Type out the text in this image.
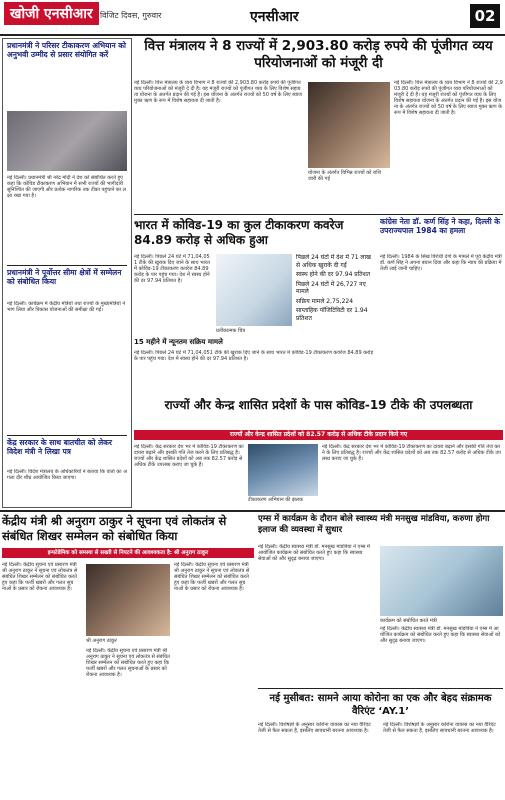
खोजी एनसीआर विजिट दिवस, गुरुवार	एनसीआर	02
प्रधानमंत्री ने परिसर टीकाकरण अभियान को अनुभवी उम्मीद से प्रसार संयोगित करें
नई दिल्ली। प्रधानमंत्री श्री नरेंद्र मोदी ने देश को संबोधित करते हुए कहा कि कोविड टीकाकरण अभियान में सभी राज्यों की भागीदारी सुनिश्चित की जाएगी और प्रत्येक नागरिक तक टीका पहुंचाने का लक्ष्य रखा गया है।
प्रधानमंत्री ने पूर्वोत्तर सीमा क्षेत्रों में सम्मेलन को संबोधित किया
नई दिल्ली। कार्यक्रम में केंद्रीय मंत्रियों तथा राज्यों के मुख्यमंत्रियों ने भाग लिया और विकास योजनाओं की समीक्षा की गई।
केंद्र सरकार के साथ बातचीत को लेकर विदेश मंत्री ने लिखा पत्र
नई दिल्ली। विदेश मंत्रालय के अधिकारियों ने बताया कि वार्ता का अगला दौर शीघ्र आयोजित किया जाएगा।
वित्त मंत्रालय ने 8 राज्यों में 2,903.80 करोड़ रुपये की पूंजीगत व्यय परियोजनाओं को मंजूरी दी
नई दिल्ली। वित्त मंत्रालय के व्यय विभाग ने 8 राज्यों की 2,903.80 करोड़ रुपये की पूंजीगत व्यय परियोजनाओं को मंजूरी दे दी है। यह मंजूरी राज्यों को पूंजीगत व्यय के लिए विशेष सहायता योजना के अंतर्गत प्रदान की गई है। इस योजना के अंतर्गत राज्यों को 50 वर्ष के लिए ब्याज मुक्त ऋण के रूप में विशेष सहायता दी जाती है।
योजना के अंतर्गत विभिन्न राज्यों को राशि जारी की गई
नई दिल्ली। वित्त मंत्रालय के व्यय विभाग ने 8 राज्यों की 2,903.80 करोड़ रुपये की पूंजीगत व्यय परियोजनाओं को मंजूरी दे दी है। यह मंजूरी राज्यों को पूंजीगत व्यय के लिए विशेष सहायता योजना के अंतर्गत प्रदान की गई है। इस योजना के अंतर्गत राज्यों को 50 वर्ष के लिए ब्याज मुक्त ऋण के रूप में विशेष सहायता दी जाती है।
भारत में कोविड-19 का कुल टीकाकरण कवरेज 84.89 करोड़ से अधिक हुआ
नई दिल्ली। पिछले 24 घंटे में 71,04,051 टीके की खुराक दिए जाने के साथ भारत में कोविड-19 टीकाकरण कवरेज 84.89 करोड़ के पार पहुंच गया। देश में स्वस्थ होने की दर 97.94 प्रतिशत है।
प्रतीकात्मक चित्र
पिछले 24 घंटों में देश में 71 लाख से अधिक खुराकें दी गईं
स्वस्थ होने की दर 97.94 प्रतिशत
पिछले 24 घंटों में 26,727 नए मामले
सक्रिय मामले 2,75,224
साप्ताहिक पॉजिटिविटी दर 1.94 प्रतिशत
15 महीने में न्यूनतम सक्रिय मामले
नई दिल्ली। पिछले 24 घंटे में 71,04,051 टीके की खुराक दिए जाने के साथ भारत में कोविड-19 टीकाकरण कवरेज 84.89 करोड़ के पार पहुंच गया। देश में स्वस्थ होने की दर 97.94 प्रतिशत है।
कांग्रेस नेता डॉ. कर्ण सिंह ने कहा, दिल्ली के उपराज्यपाल 1984 का हमला
नई दिल्ली। 1984 के सिख विरोधी दंगों के मामले में पूर्व केंद्रीय मंत्री डॉ. कर्ण सिंह ने अपना बयान दिया और कहा कि न्याय की प्रक्रिया में तेजी लाई जानी चाहिए।
राज्यों और केन्द्र शासित प्रदेशों के पास कोविड-19 टीके की उपलब्धता
राज्यों और केन्द्र शासित प्रदेशों को 82.57 करोड़ से अधिक टीके प्रदान किये गए
नई दिल्ली। केंद्र सरकार देश भर में कोविड-19 टीकाकरण का दायरा बढ़ाने और इसकी गति तेज करने के लिए प्रतिबद्ध है। राज्यों और केंद्र शासित प्रदेशों को अब तक 82.57 करोड़ से अधिक टीके उपलब्ध कराए जा चुके हैं।
टीकाकरण अभियान की झलक
नई दिल्ली। केंद्र सरकार देश भर में कोविड-19 टीकाकरण का दायरा बढ़ाने और इसकी गति तेज करने के लिए प्रतिबद्ध है। राज्यों और केंद्र शासित प्रदेशों को अब तक 82.57 करोड़ से अधिक टीके उपलब्ध कराए जा चुके हैं।
केंद्रीय मंत्री श्री अनुराग ठाकुर ने सूचना एवं लोकतंत्र से संबंधित शिखर सम्मेलन को संबोधित किया
इन्फोडेमिक को समस्या से सख्ती से निपटने की आवश्यकता है: श्री अनुराग ठाकुर
नई दिल्ली। केंद्रीय सूचना एवं प्रसारण मंत्री श्री अनुराग ठाकुर ने सूचना एवं लोकतंत्र से संबंधित शिखर सम्मेलन को संबोधित करते हुए कहा कि फर्जी खबरों और गलत सूचनाओं के प्रसार को रोकना आवश्यक है।
श्री अनुराग ठाकुर
नई दिल्ली। केंद्रीय सूचना एवं प्रसारण मंत्री श्री अनुराग ठाकुर ने सूचना एवं लोकतंत्र से संबंधित शिखर सम्मेलन को संबोधित करते हुए कहा कि फर्जी खबरों और गलत सूचनाओं के प्रसार को रोकना आवश्यक है।
नई दिल्ली। केंद्रीय सूचना एवं प्रसारण मंत्री श्री अनुराग ठाकुर ने सूचना एवं लोकतंत्र से संबंधित शिखर सम्मेलन को संबोधित करते हुए कहा कि फर्जी खबरों और गलत सूचनाओं के प्रसार को रोकना आवश्यक है।
एम्स में कार्यक्रम के दौरान बोले स्वास्थ्य मंत्री मनसुख मांडविया, करुणा होगा इलाज की व्यवस्था में सुधार
नई दिल्ली। केंद्रीय स्वास्थ्य मंत्री डॉ. मनसुख मांडविया ने एम्स में आयोजित कार्यक्रम को संबोधित करते हुए कहा कि स्वास्थ्य सेवाओं को और सुदृढ़ बनाया जाएगा।
कार्यक्रम को संबोधित करते मंत्री
नई दिल्ली। केंद्रीय स्वास्थ्य मंत्री डॉ. मनसुख मांडविया ने एम्स में आयोजित कार्यक्रम को संबोधित करते हुए कहा कि स्वास्थ्य सेवाओं को और सुदृढ़ बनाया जाएगा।
नई मुसीबत: सामने आया कोरोना का एक और बेहद संक्रामक वैरिएंट ‘AY.1’
नई दिल्ली। विशेषज्ञों के अनुसार कोरोना वायरस का नया वैरिएंट तेजी से फैल सकता है, इसलिए सावधानी बरतना आवश्यक है।
नई दिल्ली। विशेषज्ञों के अनुसार कोरोना वायरस का नया वैरिएंट तेजी से फैल सकता है, इसलिए सावधानी बरतना आवश्यक है।
